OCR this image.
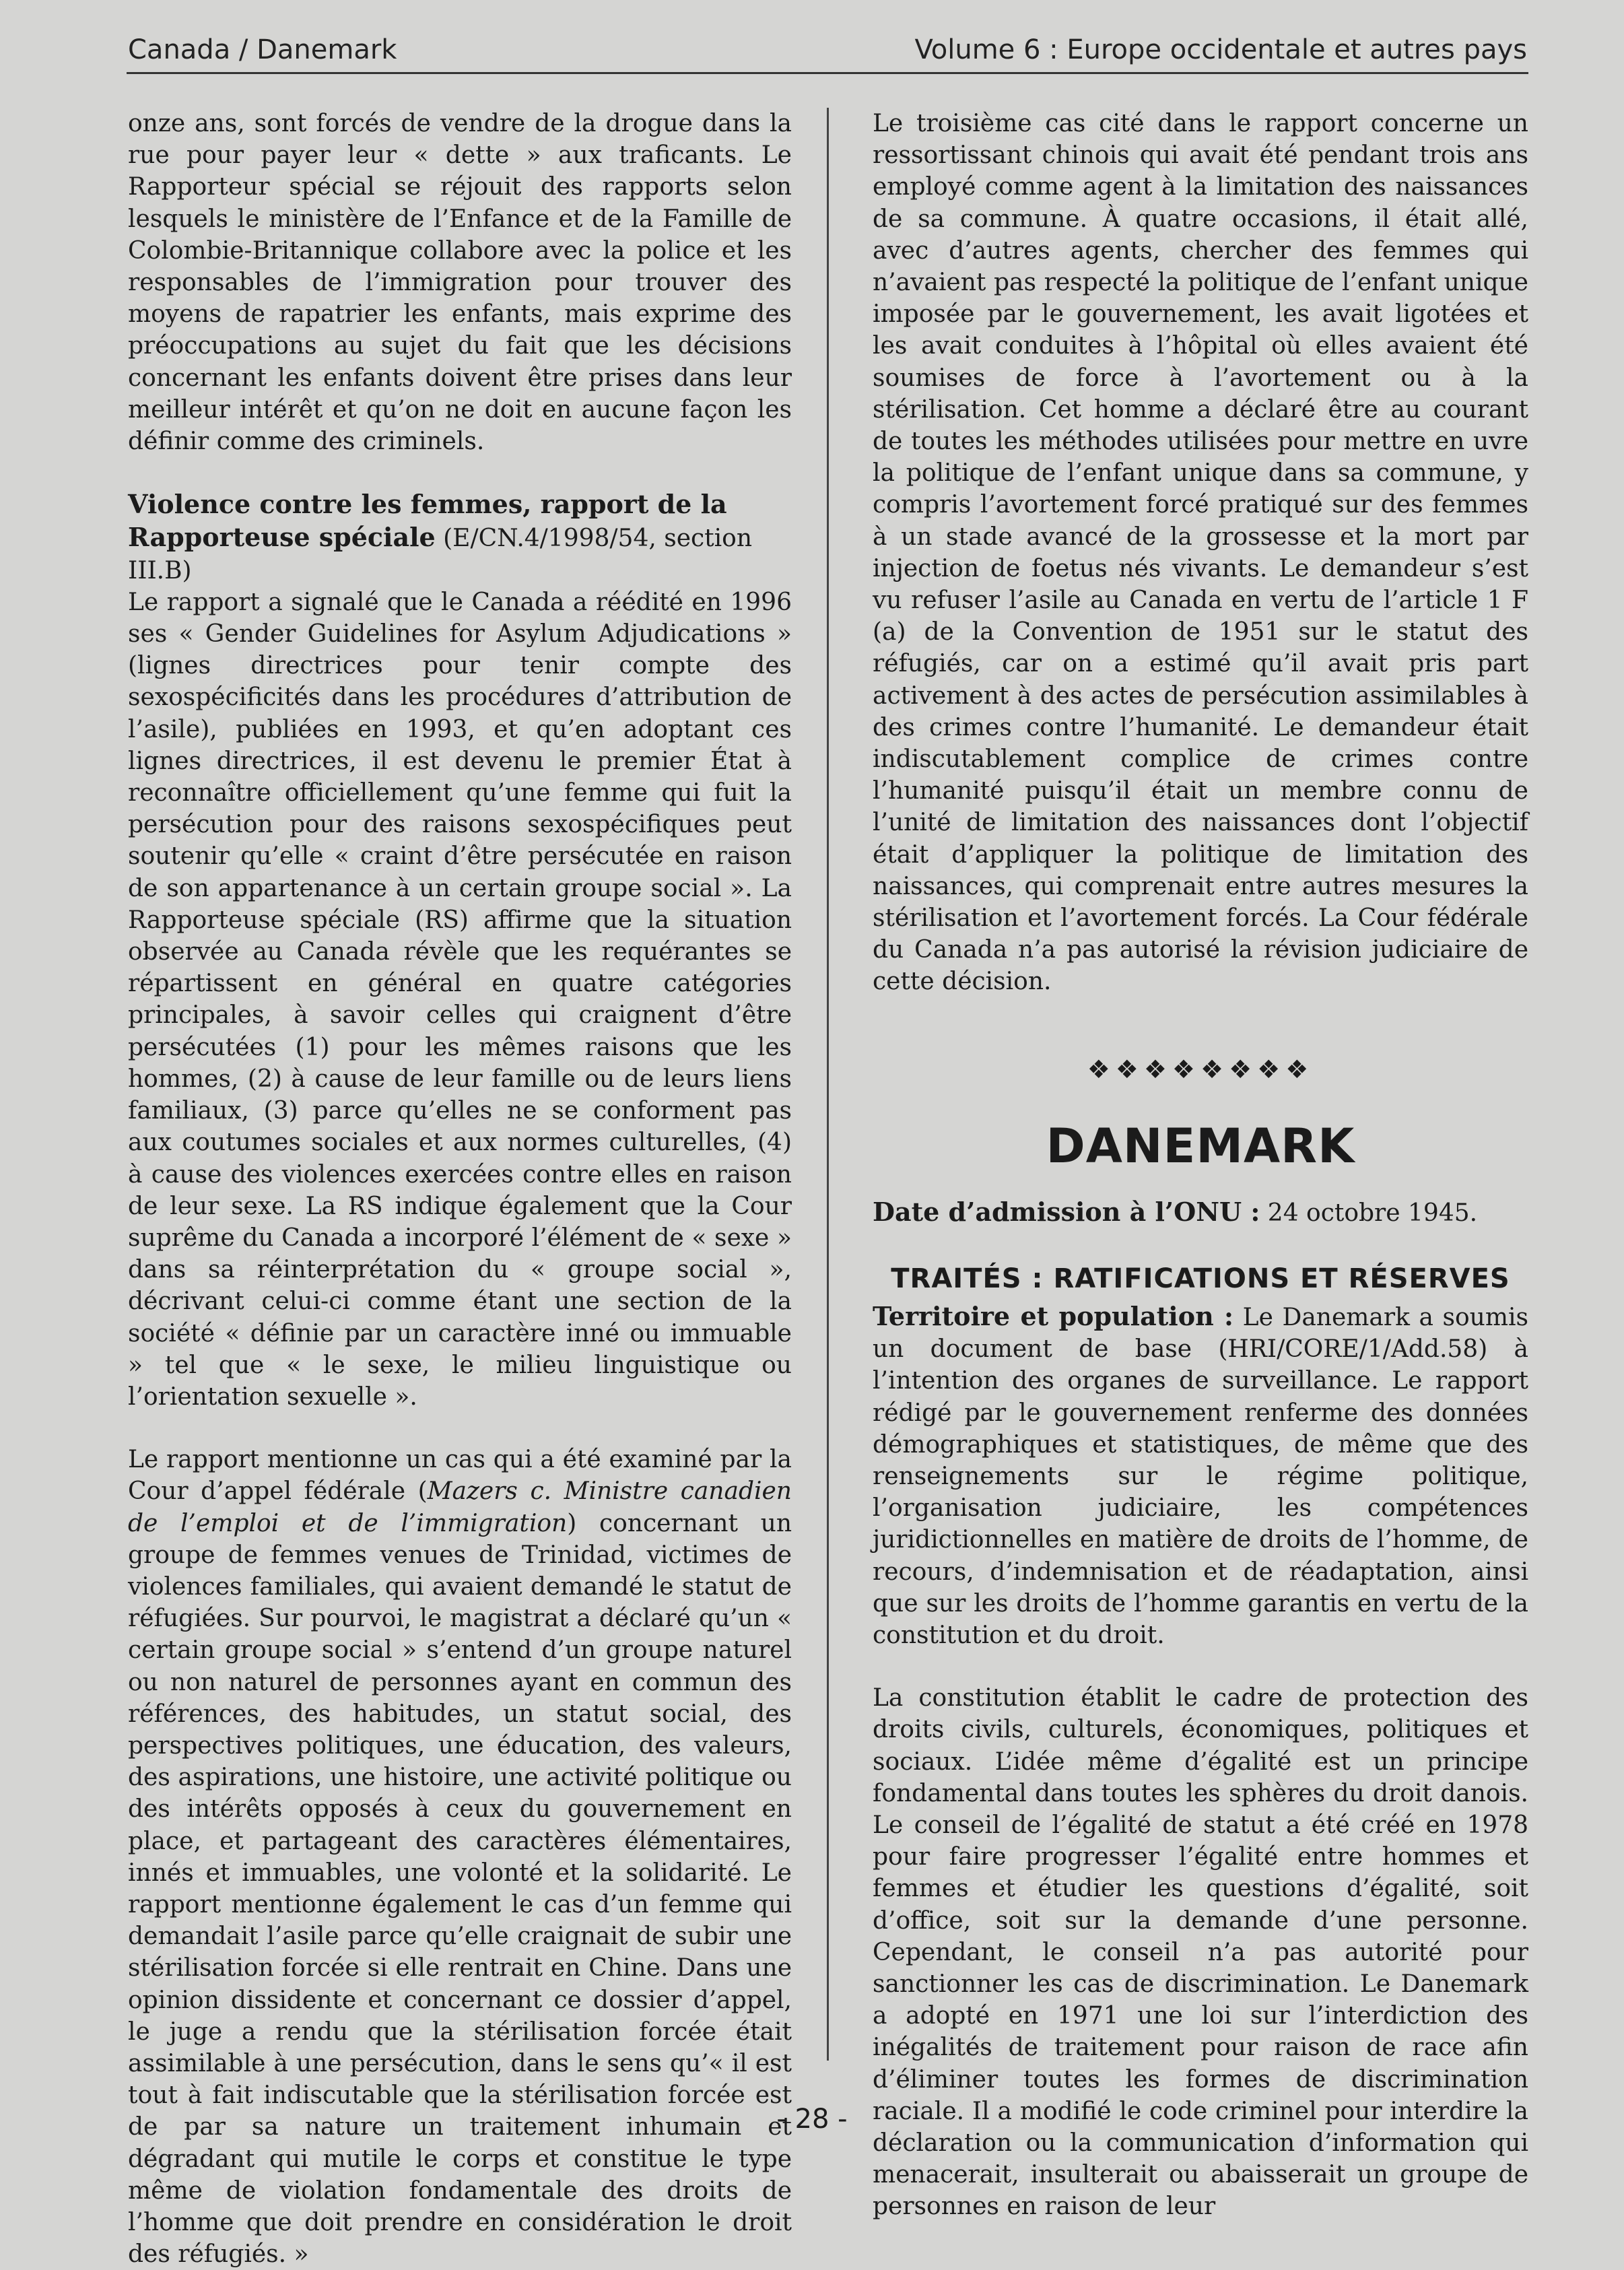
Canada / Danemark	Volume 6 : Europe occidentale et autres pays

onze ans, sont forcés de vendre de la drogue dans la rue pour payer leur « dette » aux traficants. Le Rapporteur spécial se réjouit des rapports selon lesquels le ministère de l’Enfance et de la Famille de Colombie-Britannique collabore avec la police et les responsables de l’immigration pour trouver des moyens de rapatrier les enfants, mais exprime des préoccupations au sujet du fait que les décisions concernant les enfants doivent être prises dans leur meilleur intérêt et qu’on ne doit en aucune façon les définir comme des criminels.

Violence contre les femmes, rapport de la Rapporteuse spéciale (E/CN.4/1998/54, section III.B)

Le rapport a signalé que le Canada a réédité en 1996 ses « Gender Guidelines for Asylum Adjudications » (lignes directrices pour tenir compte des sexospécificités dans les procédures d’attribution de l’asile), publiées en 1993, et qu’en adoptant ces lignes directrices, il est devenu le premier État à reconnaître officiellement qu’une femme qui fuit la persécution pour des raisons sexospécifiques peut soutenir qu’elle « craint d’être persécutée en raison de son appartenance à un certain groupe social ». La Rapporteuse spéciale (RS) affirme que la situation observée au Canada révèle que les requérantes se répartissent en général en quatre catégories principales, à savoir celles qui craignent d’être persécutées (1) pour les mêmes raisons que les hommes, (2) à cause de leur famille ou de leurs liens familiaux, (3) parce qu’elles ne se conforment pas aux coutumes sociales et aux normes culturelles, (4) à cause des violences exercées contre elles en raison de leur sexe. La RS indique également que la Cour suprême du Canada a incorporé l’élément de « sexe » dans sa réinterprétation du « groupe social », décrivant celui-ci comme étant une section de la société « définie par un caractère inné ou immuable » tel que « le sexe, le milieu linguistique ou l’orientation sexuelle ».

Le rapport mentionne un cas qui a été examiné par la Cour d’appel fédérale (Mazers c. Ministre canadien de l’emploi et de l’immigration) concernant un groupe de femmes venues de Trinidad, victimes de violences familiales, qui avaient demandé le statut de réfugiées. Sur pourvoi, le magistrat a déclaré qu’un « certain groupe social » s’entend d’un groupe naturel ou non naturel de personnes ayant en commun des références, des habitudes, un statut social, des perspectives politiques, une éducation, des valeurs, des aspirations, une histoire, une activité politique ou des intérêts opposés à ceux du gouvernement en place, et partageant des caractères élémentaires, innés et immuables, une volonté et la solidarité. Le rapport mentionne également le cas d’un femme qui demandait l’asile parce qu’elle craignait de subir une stérilisation forcée si elle rentrait en Chine. Dans une opinion dissidente et concernant ce dossier d’appel, le juge a rendu que la stérilisation forcée était assimilable à une persécution, dans le sens qu’« il est tout à fait indiscutable que la stérilisation forcée est de par sa nature un traitement inhumain et dégradant qui mutile le corps et constitue le type même de violation fondamentale des droits de l’homme que doit prendre en considération le droit des réfugiés. »

Le troisième cas cité dans le rapport concerne un ressortissant chinois qui avait été pendant trois ans employé comme agent à la limitation des naissances de sa commune. À quatre occasions, il était allé, avec d’autres agents, chercher des femmes qui n’avaient pas respecté la politique de l’enfant unique imposée par le gouvernement, les avait ligotées et les avait conduites à l’hôpital où elles avaient été soumises de force à l’avortement ou à la stérilisation. Cet homme a déclaré être au courant de toutes les méthodes utilisées pour mettre en uvre la politique de l’enfant unique dans sa commune, y compris l’avortement forcé pratiqué sur des femmes à un stade avancé de la grossesse et la mort par injection de foetus nés vivants. Le demandeur s’est vu refuser l’asile au Canada en vertu de l’article 1 F (a) de la Convention de 1951 sur le statut des réfugiés, car on a estimé qu’il avait pris part activement à des actes de persécution assimilables à des crimes contre l’humanité. Le demandeur était indiscutablement complice de crimes contre l’humanité puisqu’il était un membre connu de l’unité de limitation des naissances dont l’objectif était d’appliquer la politique de limitation des naissances, qui comprenait entre autres mesures la stérilisation et l’avortement forcés. La Cour fédérale du Canada n’a pas autorisé la révision judiciaire de cette décision.

❖❖❖❖❖❖❖❖
DANEMARK
Date d’admission à l’ONU : 24 octobre 1945.
TRAITÉS : RATIFICATIONS ET RÉSERVES

Territoire et population : Le Danemark a soumis un document de base (HRI/CORE/1/Add.58) à l’intention des organes de surveillance. Le rapport rédigé par le gouvernement renferme des données démographiques et statistiques, de même que des renseignements sur le régime politique, l’organisation judiciaire, les compétences juridictionnelles en matière de droits de l’homme, de recours, d’indemnisation et de réadaptation, ainsi que sur les droits de l’homme garantis en vertu de la constitution et du droit.

La constitution établit le cadre de protection des droits civils, culturels, économiques, politiques et sociaux. L’idée même d’égalité est un principe fondamental dans toutes les sphères du droit danois. Le conseil de l’égalité de statut a été créé en 1978 pour faire progresser l’égalité entre hommes et femmes et étudier les questions d’égalité, soit d’office, soit sur la demande d’une personne. Cependant, le conseil n’a pas autorité pour sanctionner les cas de discrimination. Le Danemark a adopté en 1971 une loi sur l’interdiction des inégalités de traitement pour raison de race afin d’éliminer toutes les formes de discrimination raciale. Il a modifié le code criminel pour interdire la déclaration ou la communication d’information qui menacerait, insulterait ou abaisserait un groupe de personnes en raison de leur

- 28 -
